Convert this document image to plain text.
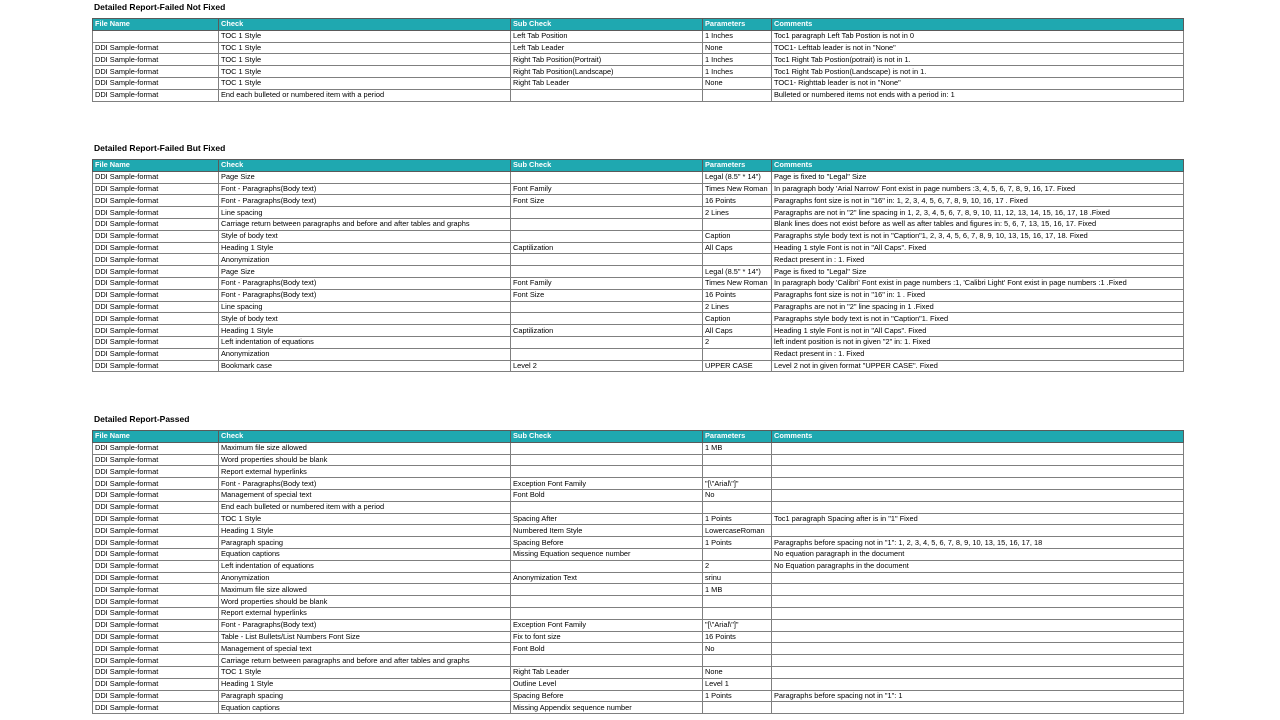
Detailed Report-Failed Not Fixed
File Name	Check	Sub Check	Parameters	Comments
	TOC 1 Style	Left Tab Position	1 Inches	Toc1 paragraph Left Tab Postion is not in 0
DDI Sample-format	TOC 1 Style	Left Tab Leader	None	TOC1- Lefttab leader is not in "None"
DDI Sample-format	TOC 1 Style	Right Tab Position(Portrait)	1 Inches	Toc1 Right Tab Postion(potrait) is not in 1.
DDI Sample-format	TOC 1 Style	Right Tab Position(Landscape)	1 Inches	Toc1 Right Tab Postion(Landscape) is not in 1.
DDI Sample-format	TOC 1 Style	Right Tab Leader	None	TOC1- Righttab leader is not in "None"
DDI Sample-format	End each bulleted or numbered item with a period			Bulleted or numbered items not ends with a period in: 1
Detailed Report-Failed But Fixed
File Name	Check	Sub Check	Parameters	Comments
DDI Sample-format	Page Size		Legal (8.5" * 14")	Page is fixed to "Legal" Size
DDI Sample-format	Font - Paragraphs(Body text)	Font Family	Times New Roman	In paragraph body 'Arial Narrow' Font exist in page numbers :3, 4, 5, 6, 7, 8, 9, 16, 17. Fixed
DDI Sample-format	Font - Paragraphs(Body text)	Font Size	16 Points	Paragraphs font size is not in "16" in: 1, 2, 3, 4, 5, 6, 7, 8, 9, 10, 16, 17 . Fixed
DDI Sample-format	Line spacing		2 Lines	Paragraphs are not in "2" line spacing in 1, 2, 3, 4, 5, 6, 7, 8, 9, 10, 11, 12, 13, 14, 15, 16, 17, 18 .Fixed
DDI Sample-format	Carriage return between paragraphs and before and after tables and graphs			Blank lines does not exist before as well as after tables and figures in: 5, 6, 7, 13, 15, 16, 17. Fixed
DDI Sample-format	Style of body text		Caption	Paragraphs style body text is not in "Caption"1, 2, 3, 4, 5, 6, 7, 8, 9, 10, 13, 15, 16, 17, 18. Fixed
DDI Sample-format	Heading 1 Style	Captilization	All Caps	Heading 1 style Font is not in "All Caps". Fixed
DDI Sample-format	Anonymization			Redact present in : 1. Fixed
DDI Sample-format	Page Size		Legal (8.5" * 14")	Page is fixed to "Legal" Size
DDI Sample-format	Font - Paragraphs(Body text)	Font Family	Times New Roman	In paragraph body 'Calibri' Font exist in page numbers :1, 'Calibri Light' Font exist in page numbers :1 .Fixed
DDI Sample-format	Font - Paragraphs(Body text)	Font Size	16 Points	Paragraphs font size is not in "16" in: 1 . Fixed
DDI Sample-format	Line spacing		2 Lines	Paragraphs are not in "2" line spacing in 1 .Fixed
DDI Sample-format	Style of body text		Caption	Paragraphs style body text is not in "Caption"1. Fixed
DDI Sample-format	Heading 1 Style	Captilization	All Caps	Heading 1 style Font is not in "All Caps". Fixed
DDI Sample-format	Left indentation of equations		2	left indent position is not in given "2" in: 1. Fixed
DDI Sample-format	Anonymization			Redact present in : 1. Fixed
DDI Sample-format	Bookmark case	Level 2	UPPER CASE	Level 2 not in given format "UPPER CASE". Fixed
Detailed Report-Passed
File Name	Check	Sub Check	Parameters	Comments
DDI Sample-format	Maximum file size allowed		1 MB	
DDI Sample-format	Word properties should be blank			
DDI Sample-format	Report external hyperlinks			
DDI Sample-format	Font - Paragraphs(Body text)	Exception Font Family	"[\"Arial\"]"	
DDI Sample-format	Management of special text	Font Bold	No	
DDI Sample-format	End each bulleted or numbered item with a period			
DDI Sample-format	TOC 1 Style	Spacing After	1 Points	Toc1 paragraph Spacing after is in "1" Fixed
DDI Sample-format	Heading 1 Style	Numbered Item Style	LowercaseRoman	
DDI Sample-format	Paragraph spacing	Spacing Before	1 Points	Paragraphs before spacing not in "1": 1, 2, 3, 4, 5, 6, 7, 8, 9, 10, 13, 15, 16, 17, 18
DDI Sample-format	Equation captions	Missing Equation sequence number		No equation paragraph in the document
DDI Sample-format	Left indentation of equations		2	No Equation paragraphs in the document
DDI Sample-format	Anonymization	Anonymization Text	srinu	
DDI Sample-format	Maximum file size allowed		1 MB	
DDI Sample-format	Word properties should be blank			
DDI Sample-format	Report external hyperlinks			
DDI Sample-format	Font - Paragraphs(Body text)	Exception Font Family	"[\"Arial\"]"	
DDI Sample-format	Table - List Bullets/List Numbers Font Size	Fix to font size	16 Points	
DDI Sample-format	Management of special text	Font Bold	No	
DDI Sample-format	Carriage return between paragraphs and before and after tables and graphs			
DDI Sample-format	TOC 1 Style	Right Tab Leader	None	
DDI Sample-format	Heading 1 Style	Outline Level	Level 1	
DDI Sample-format	Paragraph spacing	Spacing Before	1 Points	Paragraphs before spacing not in "1": 1
DDI Sample-format	Equation captions	Missing Appendix sequence number		
